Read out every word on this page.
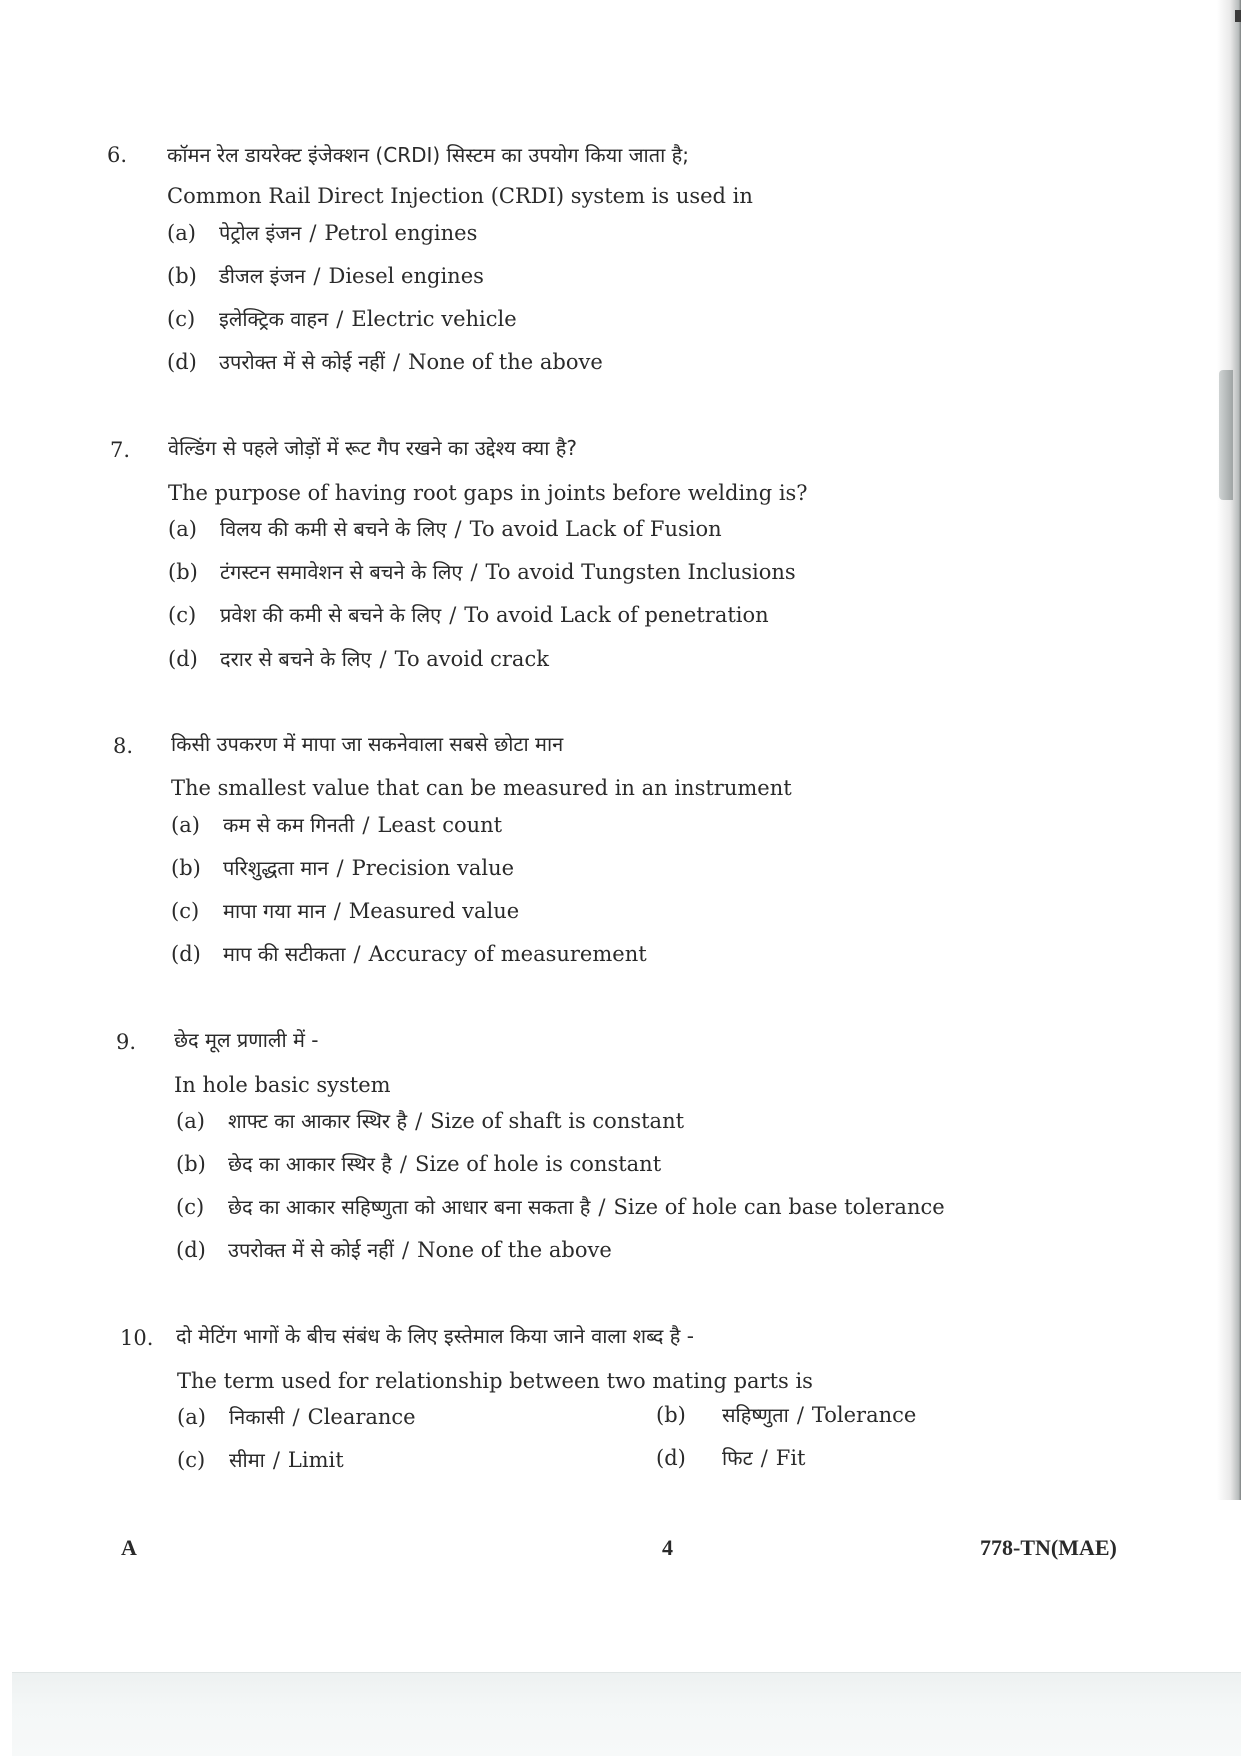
6. कॉमन रेल डायरेक्ट इंजेक्शन (CRDI) सिस्टम का उपयोग किया जाता है;
Common Rail Direct Injection (CRDI) system is used in
(a) पेट्रोल इंजन / Petrol engines
(b) डीजल इंजन / Diesel engines
(c) इलेक्ट्रिक वाहन / Electric vehicle
(d) उपरोक्त में से कोई नहीं / None of the above
7. वेल्डिंग से पहले जोड़ों में रूट गैप रखने का उद्देश्य क्या है?
The purpose of having root gaps in joints before welding is?
(a) विलय की कमी से बचने के लिए / To avoid Lack of Fusion
(b) टंगस्टन समावेशन से बचने के लिए / To avoid Tungsten Inclusions
(c) प्रवेश की कमी से बचने के लिए / To avoid Lack of penetration
(d) दरार से बचने के लिए / To avoid crack
8. किसी उपकरण में मापा जा सकनेवाला सबसे छोटा मान
The smallest value that can be measured in an instrument
(a) कम से कम गिनती / Least count
(b) परिशुद्धता मान / Precision value
(c) मापा गया मान / Measured value
(d) माप की सटीकता / Accuracy of measurement
9. छेद मूल प्रणाली में -
In hole basic system
(a) शाफ्ट का आकार स्थिर है / Size of shaft is constant
(b) छेद का आकार स्थिर है / Size of hole is constant
(c) छेद का आकार सहिष्णुता को आधार बना सकता है / Size of hole can base tolerance
(d) उपरोक्त में से कोई नहीं / None of the above
10. दो मेटिंग भागों के बीच संबंध के लिए इस्तेमाल किया जाने वाला शब्द है -
The term used for relationship between two mating parts is
(a) निकासी / Clearance	(b) सहिष्णुता / Tolerance
(c) सीमा / Limit	(d) फिट / Fit
A	4	778-TN(MAE)
